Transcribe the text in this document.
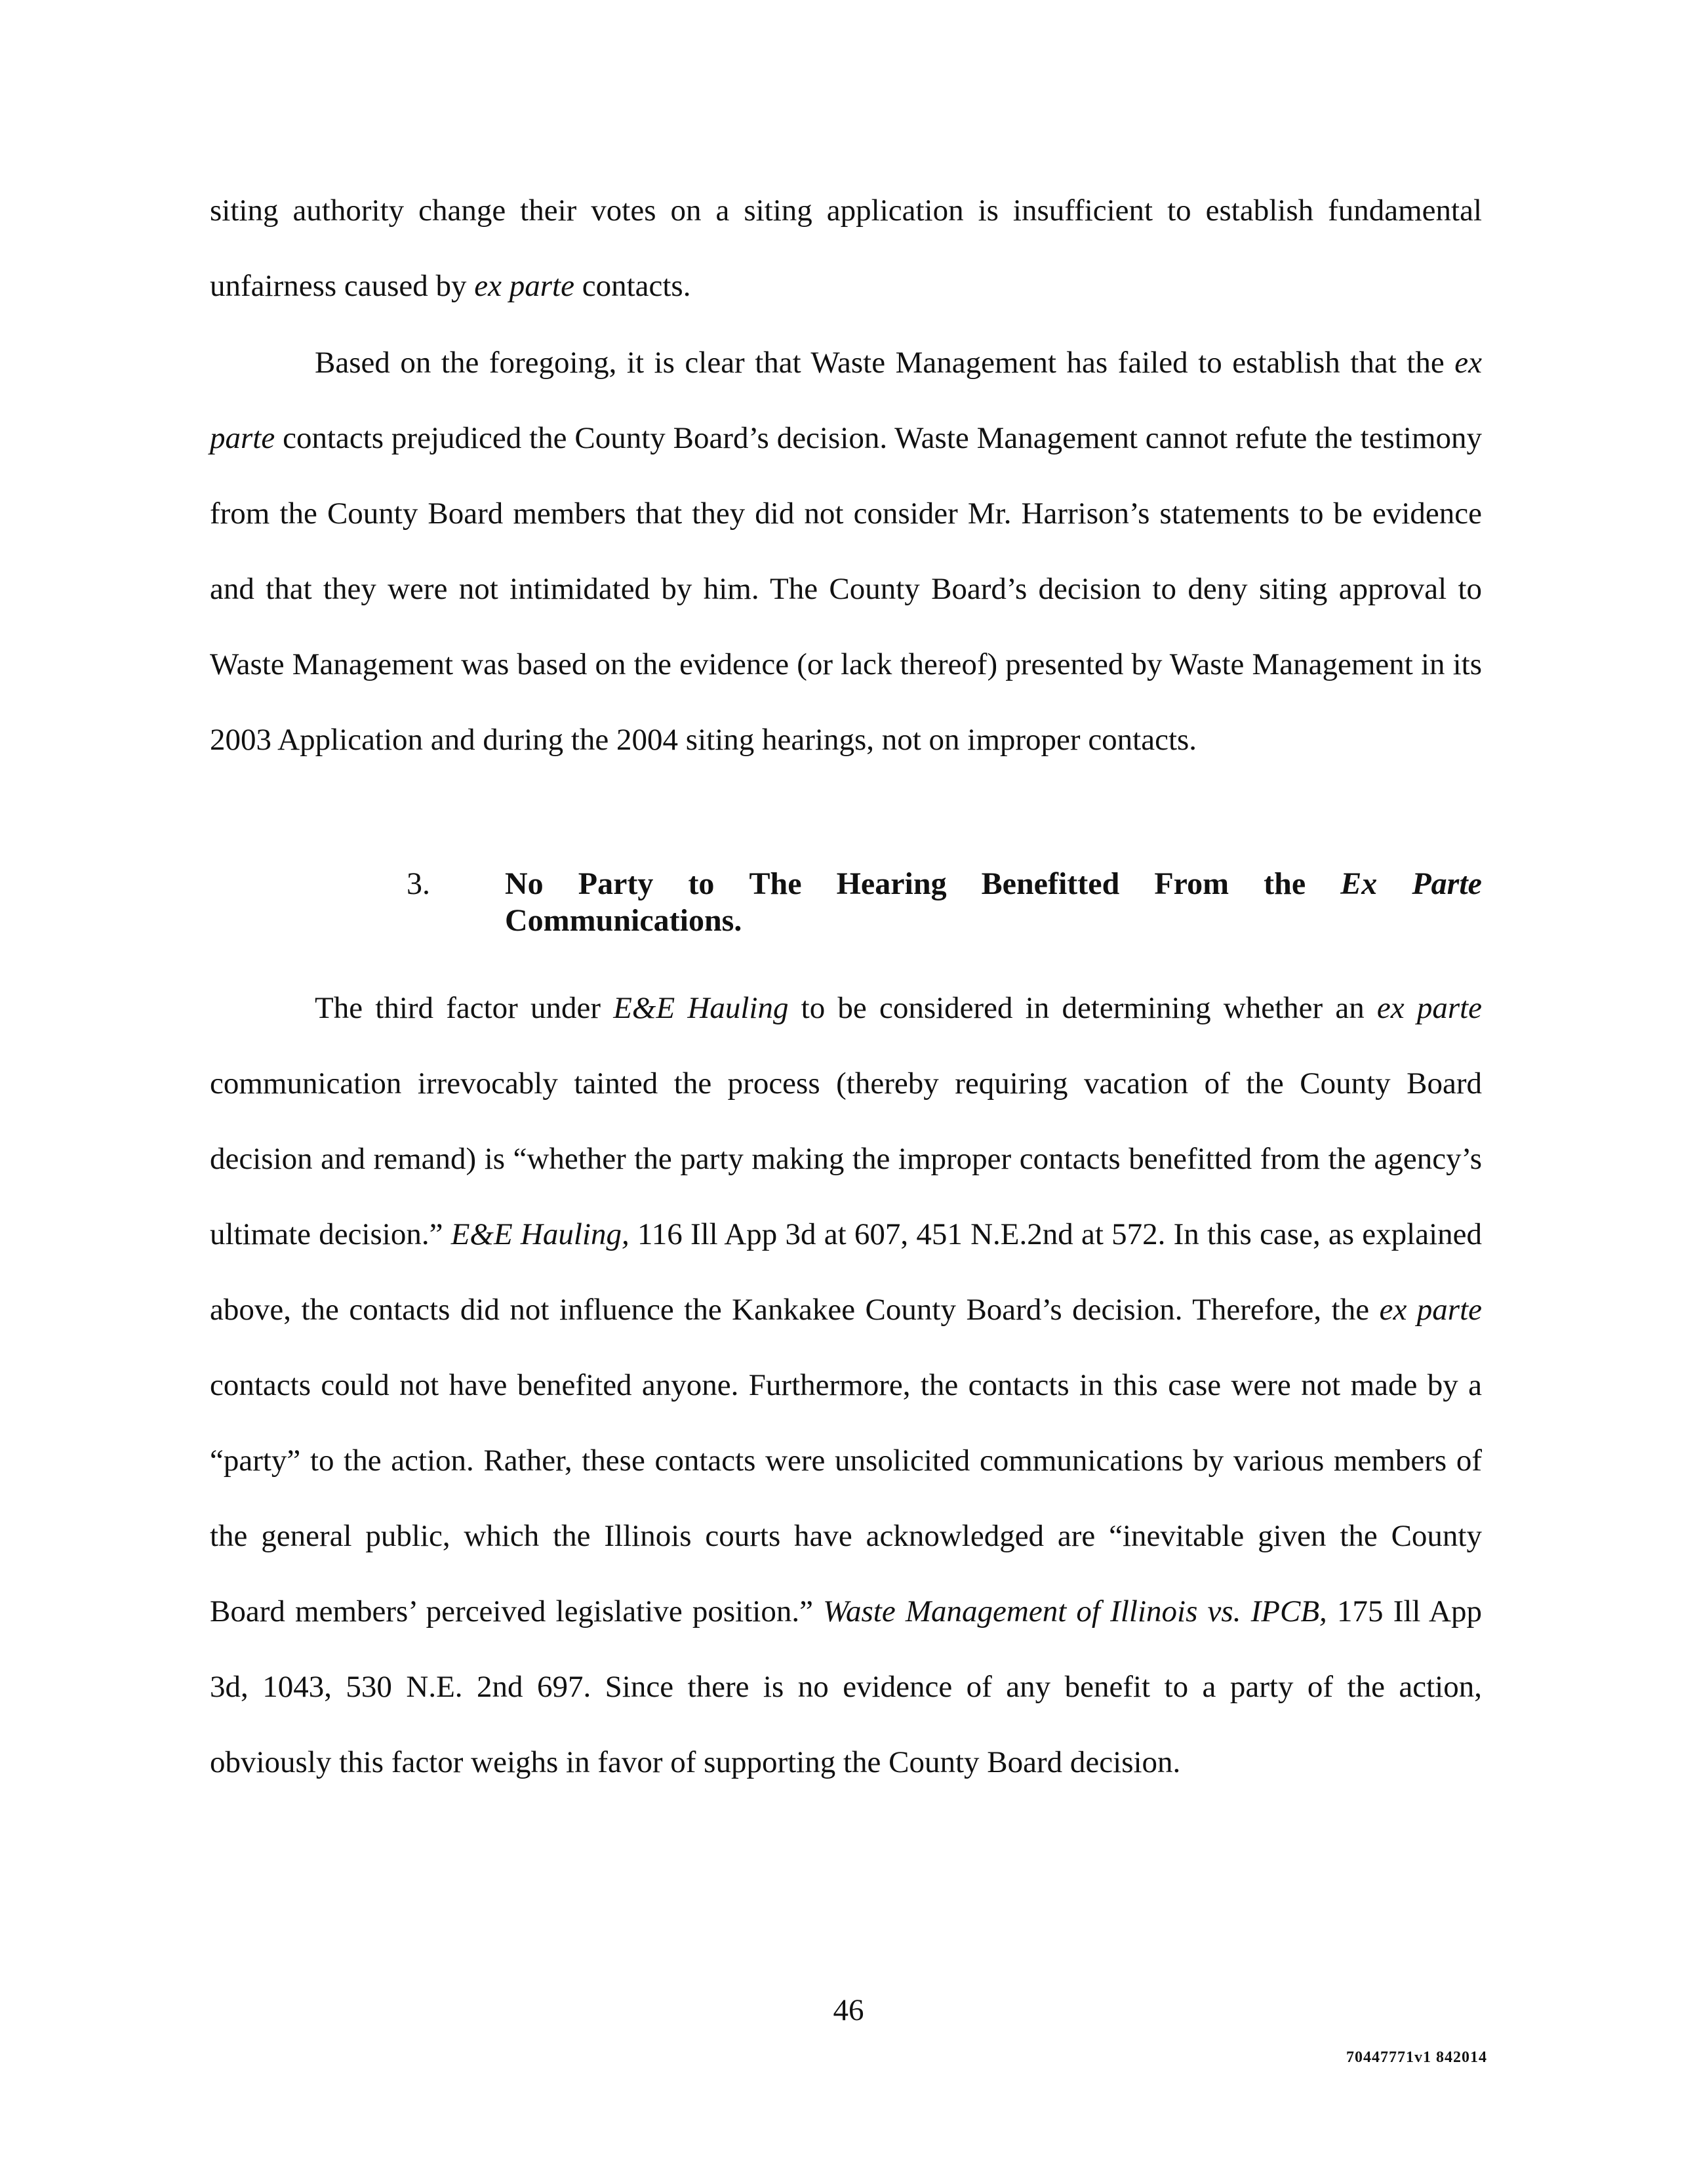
siting authority change their votes on a siting application is insufficient to establish fundamental unfairness caused by ex parte contacts.

Based on the foregoing, it is clear that Waste Management has failed to establish that the ex parte contacts prejudiced the County Board’s decision. Waste Management cannot refute the testimony from the County Board members that they did not consider Mr. Harrison’s statements to be evidence and that they were not intimidated by him. The County Board’s decision to deny siting approval to Waste Management was based on the evidence (or lack thereof) presented by Waste Management in its 2003 Application and during the 2004 siting hearings, not on improper contacts.

3. No Party to The Hearing Benefitted From the Ex Parte
Communications.

The third factor under E&E Hauling to be considered in determining whether an ex parte communication irrevocably tainted the process (thereby requiring vacation of the County Board decision and remand) is “whether the party making the improper contacts benefitted from the agency’s ultimate decision.” E&E Hauling, 116 Ill App 3d at 607, 451 N.E.2nd at 572. In this case, as explained above, the contacts did not influence the Kankakee County Board’s decision. Therefore, the ex parte contacts could not have benefited anyone. Furthermore, the contacts in this case were not made by a “party” to the action. Rather, these contacts were unsolicited communications by various members of the general public, which the Illinois courts have acknowledged are “inevitable given the County Board members’ perceived legislative position.” Waste Management of Illinois vs. IPCB, 175 Ill App 3d, 1043, 530 N.E. 2nd 697. Since there is no evidence of any benefit to a party of the action, obviously this factor weighs in favor of supporting the County Board decision.

46
70447771v1 842014
